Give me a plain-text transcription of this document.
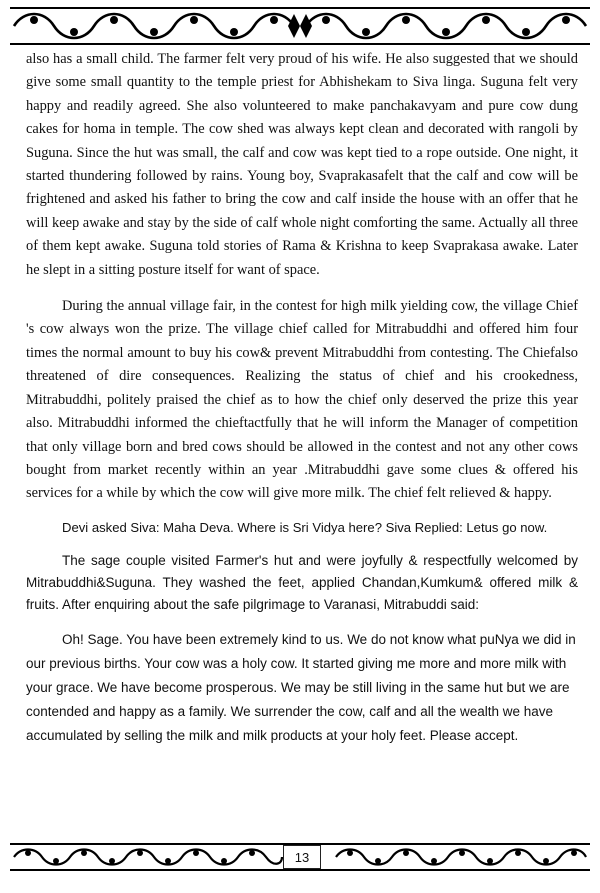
also has a small child. The farmer felt very proud of his wife. He also suggested that we should give some small quantity to the temple priest for Abhishekam to Siva linga. Suguna felt very happy and readily agreed. She also volunteered to make panchakavyam and pure cow dung cakes for homa in temple. The cow shed was always kept clean and decorated with rangoli by Suguna. Since the hut was small, the calf and cow was kept tied to a rope outside. One night, it started thundering followed by rains. Young boy, Svaprakasafelt that the calf and cow will be frightened and asked his father to bring the cow and calf inside the house with an offer that he will keep awake and stay by the side of calf whole night comforting the same. Actually all three of them kept awake. Suguna told stories of Rama & Krishna to keep Svaprakasa awake. Later he slept in a sitting posture itself for want of space.

During the annual village fair, in the contest for high milk yielding cow, the village Chief 's cow always won the prize. The village chief called for Mitrabuddhi and offered him four times the normal amount to buy his cow& prevent Mitrabuddhi from contesting. The Chiefalso threatened of dire consequences. Realizing the status of chief and his crookedness, Mitrabuddhi, politely praised the chief as to how the chief only deserved the prize this year also. Mitrabuddhi informed the chieftactfully that he will inform the Manager of competition that only village born and bred cows should be allowed in the contest and not any other cows bought from market recently within an year .Mitrabuddhi gave some clues & offered his services for a while by which the cow will give more milk. The chief felt relieved & happy.

Devi asked Siva: Maha Deva. Where is Sri Vidya here? Siva Replied: Letus go now.

The sage couple visited Farmer's hut and were joyfully & respectfully welcomed by Mitrabuddhi&Suguna. They washed the feet, applied Chandan,Kumkum& offered milk & fruits. After enquiring about the safe pilgrimage to Varanasi, Mitrabuddi said:

Oh! Sage. You have been extremely kind to us. We do not know what puNya we did in our previous births. Your cow was a holy cow. It started giving me more and more milk with your grace. We have become prosperous. We may be still living in the same hut but we are contended and happy as a family. We surrender the cow, calf and all the wealth we have accumulated by selling the milk and milk products at your holy feet. Please accept.

13
